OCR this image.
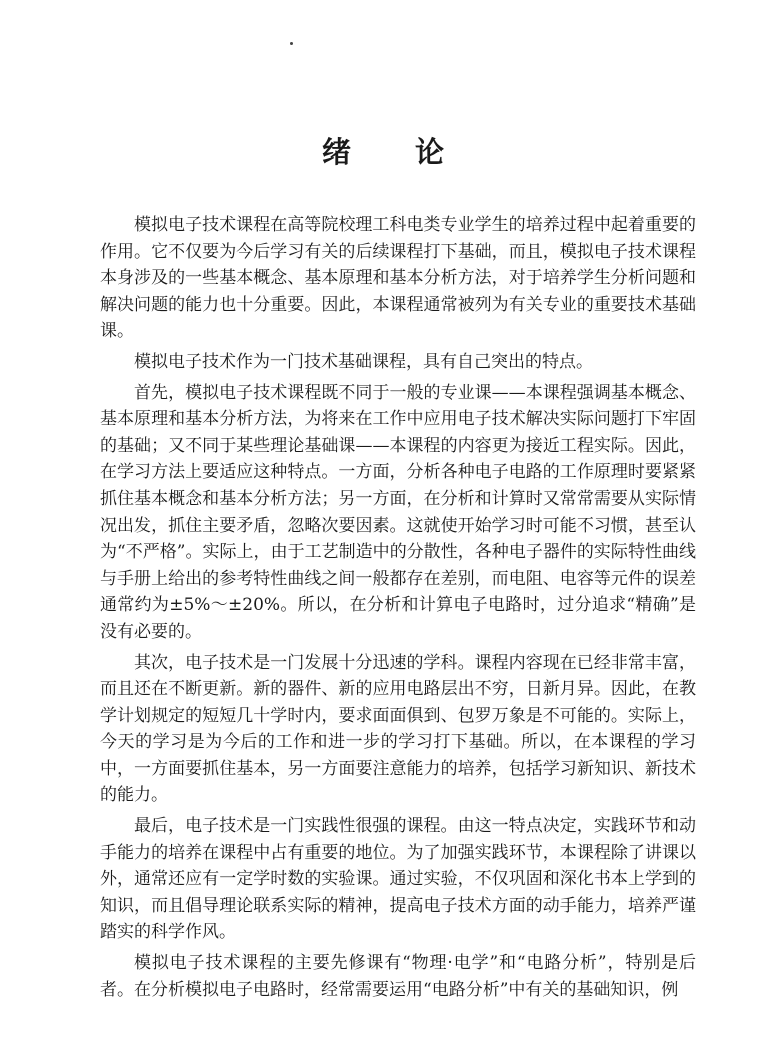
绪 论

模拟电子技术课程在高等院校理工科电类专业学生的培养过程中起着重要的作用。它不仅要为今后学习有关的后续课程打下基础，而且，模拟电子技术课程本身涉及的一些基本概念、基本原理和基本分析方法，对于培养学生分析问题和解决问题的能力也十分重要。因此，本课程通常被列为有关专业的重要技术基础课。

模拟电子技术作为一门技术基础课程，具有自己突出的特点。

首先，模拟电子技术课程既不同于一般的专业课——本课程强调基本概念、基本原理和基本分析方法，为将来在工作中应用电子技术解决实际问题打下牢固的基础；又不同于某些理论基础课——本课程的内容更为接近工程实际。因此，在学习方法上要适应这种特点。一方面，分析各种电子电路的工作原理时要紧紧抓住基本概念和基本分析方法；另一方面，在分析和计算时又常常需要从实际情况出发，抓住主要矛盾，忽略次要因素。这就使开始学习时可能不习惯，甚至认为“不严格”。实际上，由于工艺制造中的分散性，各种电子器件的实际特性曲线与手册上给出的参考特性曲线之间一般都存在差别，而电阻、电容等元件的误差通常约为±5%～±20%。所以，在分析和计算电子电路时，过分追求“精确”是没有必要的。

其次，电子技术是一门发展十分迅速的学科。课程内容现在已经非常丰富，而且还在不断更新。新的器件、新的应用电路层出不穷，日新月异。因此，在教学计划规定的短短几十学时内，要求面面俱到、包罗万象是不可能的。实际上，今天的学习是为今后的工作和进一步的学习打下基础。所以，在本课程的学习中，一方面要抓住基本，另一方面要注意能力的培养，包括学习新知识、新技术的能力。

最后，电子技术是一门实践性很强的课程。由这一特点决定，实践环节和动手能力的培养在课程中占有重要的地位。为了加强实践环节，本课程除了讲课以外，通常还应有一定学时数的实验课。通过实验，不仅巩固和深化书本上学到的知识，而且倡导理论联系实际的精神，提高电子技术方面的动手能力，培养严谨踏实的科学作风。

模拟电子技术课程的主要先修课有“物理·电学”和“电路分析”，特别是后者。在分析模拟电子电路时，经常需要运用“电路分析”中有关的基础知识，例
